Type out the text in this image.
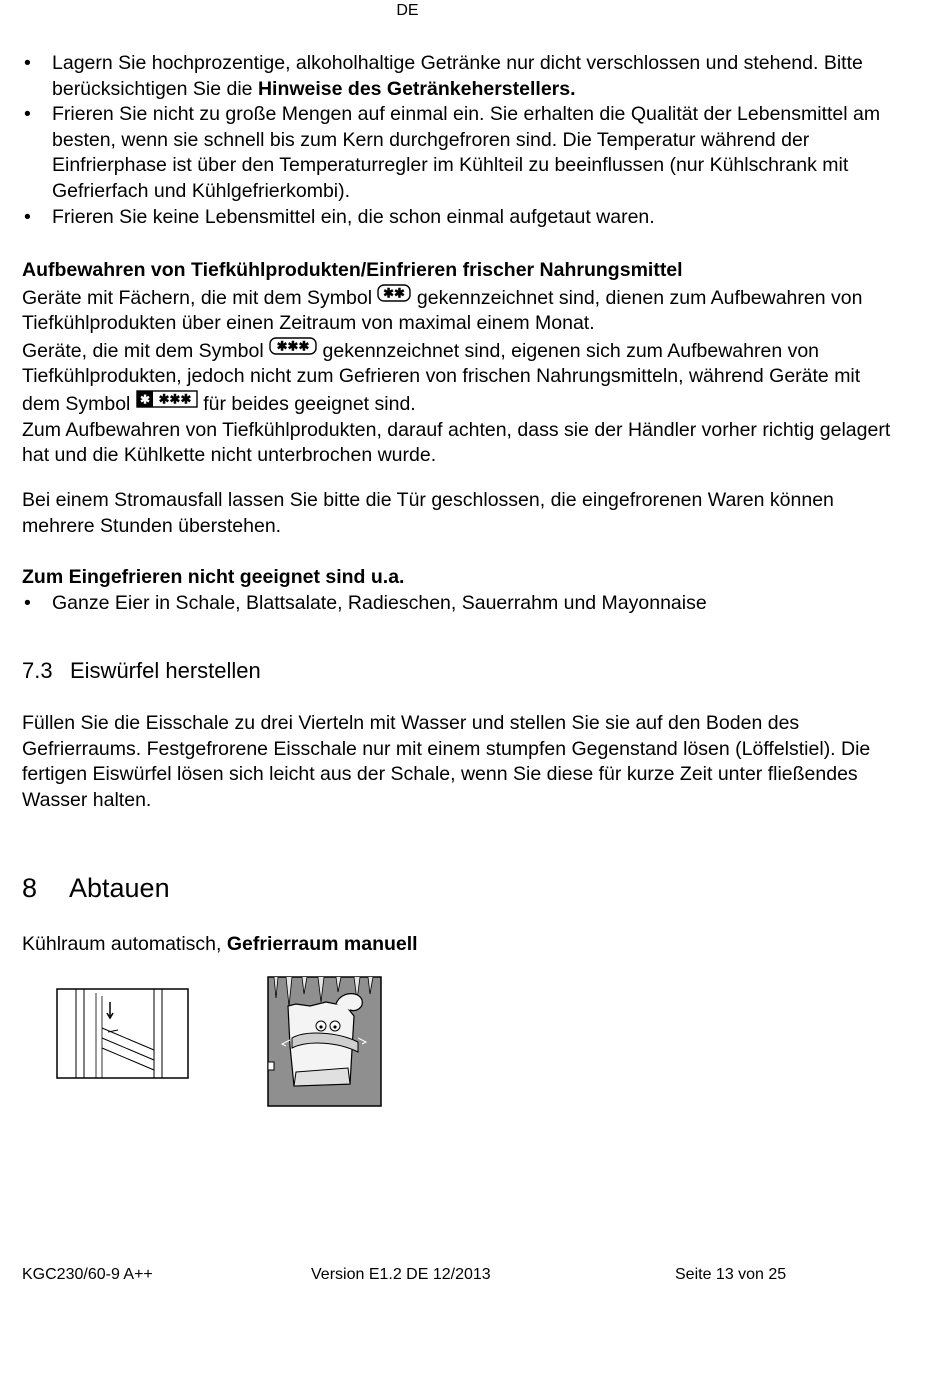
DE
• Lagern Sie hochprozentige, alkoholhaltige Getränke nur dicht verschlossen und stehend. Bitte berücksichtigen Sie die Hinweise des Getränkeherstellers.
• Frieren Sie nicht zu große Mengen auf einmal ein. Sie erhalten die Qualität der Lebensmittel am besten, wenn sie schnell bis zum Kern durchgefroren sind. Die Temperatur während der Einfrierphase ist über den Temperaturregler im Kühlteil zu beeinflussen (nur Kühlschrank mit Gefrierfach und Kühlgefrierkombi).
• Frieren Sie keine Lebensmittel ein, die schon einmal aufgetaut waren.
Aufbewahren von Tiefkühlprodukten/Einfrieren frischer Nahrungsmittel
Geräte mit Fächern, die mit dem Symbol ✱✱ gekennzeichnet sind, dienen zum Aufbewahren von Tiefkühlprodukten über einen Zeitraum von maximal einem Monat.
Geräte, die mit dem Symbol ✱✱✱ gekennzeichnet sind, eigenen sich zum Aufbewahren von Tiefkühlprodukten, jedoch nicht zum Gefrieren von frischen Nahrungsmitteln, während Geräte mit dem Symbol ✱ ✱✱✱ für beides geeignet sind.
Zum Aufbewahren von Tiefkühlprodukten, darauf achten, dass sie der Händler vorher richtig gelagert hat und die Kühlkette nicht unterbrochen wurde.
Bei einem Stromausfall lassen Sie bitte die Tür geschlossen, die eingefrorenen Waren können mehrere Stunden überstehen.
Zum Eingefrieren nicht geeignet sind u.a.
• Ganze Eier in Schale, Blattsalate, Radieschen, Sauerrahm und Mayonnaise
7.3 Eiswürfel herstellen
Füllen Sie die Eisschale zu drei Vierteln mit Wasser und stellen Sie sie auf den Boden des Gefrierraums. Festgefrorene Eisschale nur mit einem stumpfen Gegenstand lösen (Löffelstiel). Die fertigen Eiswürfel lösen sich leicht aus der Schale, wenn Sie diese für kurze Zeit unter fließendes Wasser halten.
8 Abtauen
Kühlraum automatisch, Gefrierraum manuell
KGC230/60-9 A++	Version E1.2 DE 12/2013	Seite 13 von 25
